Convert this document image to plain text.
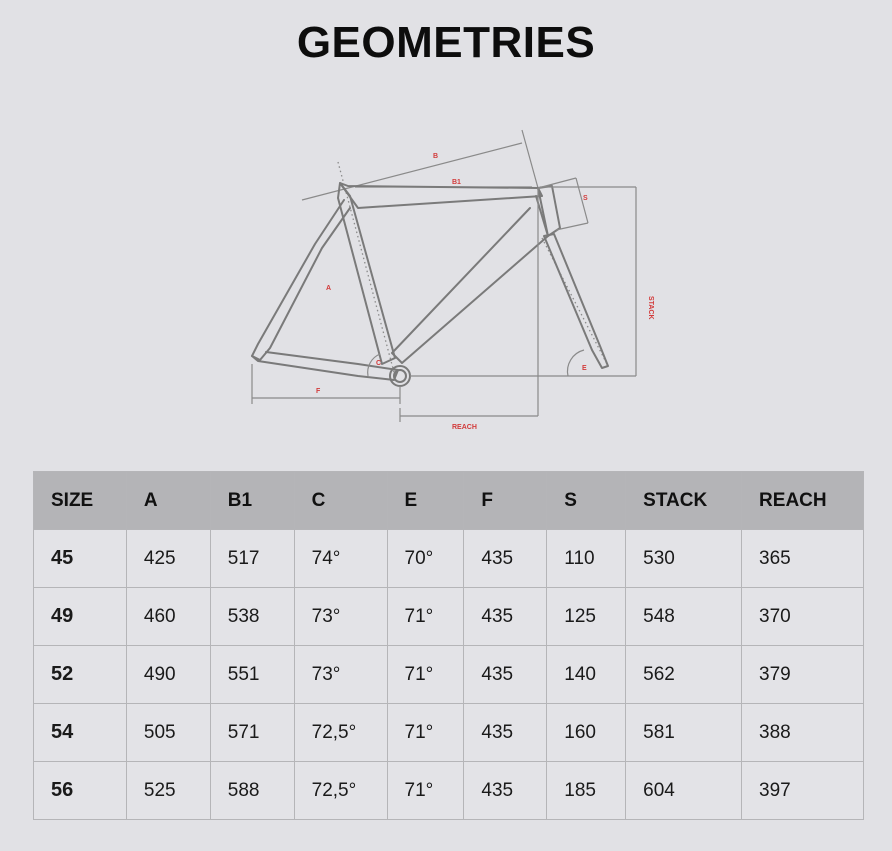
GEOMETRIES
B
B1
S
STACK
A
C
E
F
REACH
SIZE	A	B1	C	E	F	S	STACK	REACH
45	425	517	74°	70°	435	110	530	365
49	460	538	73°	71°	435	125	548	370
52	490	551	73°	71°	435	140	562	379
54	505	571	72,5°	71°	435	160	581	388
56	525	588	72,5°	71°	435	185	604	397
